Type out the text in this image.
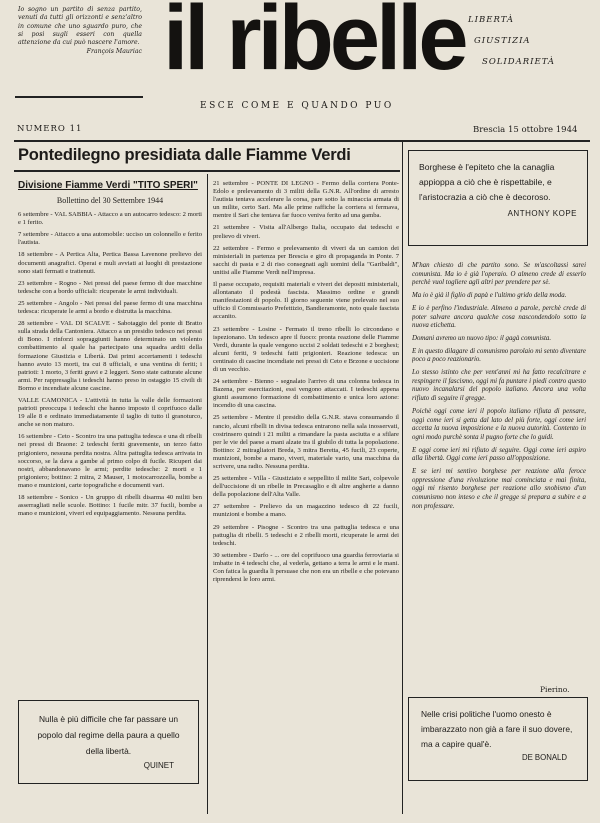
Io sogno un partito di senza partito, venuti da tutti gli orizzonti e senz'altro in comune che uno sguardo puro, che si posi sugli esseri con quella attenzione da cui può nascere l'amore.
François Mauriac il ribelle
ESCE COME E QUANDO PUO
LIBERTÀ
GIUSTIZIA
SOLIDARIETÀ
NUMERO 11	Brescia 15 ottobre 1944
Pontedilegno presidiata dalle Fiamme Verdi
Divisione Fiamme Verdi "TITO SPERI"
Bollettino del 30 Settembre 1944

6 settembre - VAL SABBIA - Attacco a un autocarro tedesco: 2 morti e 1 ferito.

7 settembre - Attacco a una automobile: ucciso un colonnello e ferito l'autista.

18 settembre - A Pertica Alta, Pertica Bassa Lavenone prelievo dei documenti anagrafici. Operai e muli avviati ai luoghi di prestazione sono stati fermati e trattenuti.

23 settembre - Rogno - Nei pressi del paese fermo di due macchine tedesche con a bordo ufficiali: ricuperate le armi individuali.

25 settembre - Angolo - Nei pressi del paese fermo di una macchina tedesca: ricuperate le armi a bordo e distrutta la macchina.

28 settembre - VAL DI SCALVE - Sabotaggio del ponte di Bratto sulla strada della Cantoniera. Attacco a un presidio tedesco nei pressi di Bono. I rinforzi sopraggiunti hanno determinato un violento combattimento al quale ha partecipato una squadra arditi della formazione Giustizia e Libertà. Dai primi accertamenti i tedeschi hanno avuto 13 morti, tra cui 8 ufficiali, e una ventina di feriti; i patrioti: 1 morto, 3 feriti gravi e 2 leggeri. Sono state catturate alcune armi. Per rappresaglia i tedeschi hanno preso in ostaggio 15 civili di Bormo e incendiate alcune cascine.

VALLE CAMONICA - L'attività in tutta la valle delle formazioni patrioti preoccupa i tedeschi che hanno imposto il coprifuoco dalle 19 alle 8 e ordinato immediatamente il taglio di tutto il granoturco, anche se non maturo.

16 settembre - Ceto - Scontro tra una pattuglia tedesca e una di ribelli nei pressi di Braone: 2 tedeschi feriti gravemente, un terzo fatto prigioniero, nessuna perdita nostra. Altra pattuglia tedesca arrivata in soccorso, se la dava a gambe al primo colpo di fucile. Ricuperi dai nostri, abbandonavano le armi; perdite tedesche: 2 morti e 1 prigioniero; bottino: 2 mitra, 2 Mauser, 1 motocarrozzella, bombe a mano e munizioni, carte topografiche e documenti vari.

18 settembre - Sonico - Un gruppo di ribelli disarma 40 militi ben asserragliati nelle scuole. Bottino: 1 fucile mitr. 37 fucili, bombe a mano e munizioni, viveri ed equipaggiamento. Nessuna perdita.

21 settembre - PONTE DI LEGNO - Fermo della corriera Ponte-Edolo e prelevamento di 3 militi della G.N.R. All'ordine di arresto l'autista tentava accelerare la corsa, pare sotto la minaccia armata di un milite, certo Sari. Ma alle prime raffiche la corriera si fermava, mentre il Sari che tentava far fuoco veniva ferito ad una gamba.

21 settembre - Visita all'Albergo Italia, occupato dai tedeschi e prelievo di viveri.

22 settembre - Fermo e prelevamento di viveri da un camion dei ministeriali in partenza per Brescia e giro di propaganda in Ponte. 7 sacchi di pasta e 2 di riso consegnati agli uomini della "Garibaldi", unitisi alle Fiamme Verdi nell'impresa.

Il paese occupato, requisiti materiali e viveri dei depositi ministeriali, allontanato il podestà fascista. Massimo ordine e grandi manifestazioni di popolo. Il giorno seguente viene prelevato nel suo ufficio il Commissario Prefettizio, Bandieramonte, noto quale fascista accanito.

23 settembre - Losine - Fermato il treno ribelli lo circondano e ispezionano. Un tedesco apre il fuoco: pronta reazione delle Fiamme Verdi, durante la quale vengono uccisi 2 soldati tedeschi e 2 borghesi; alcuni feriti, 9 tedeschi fatti prigionieri. Reazione tedesca: un centinaio di cascine incendiate nei pressi di Ceto e Brzone e uccisione di un vecchio.

24 settembre - Bienno - segnalato l'arrivo di una colonna tedesca in Bazena, per esercitazioni, essi vengono attaccati. I tedeschi appena giunti assumono formazione di combattimento e unica loro azione: incendio di una cascina.

25 settembre - Mentre il presidio della G.N.R. stava consumando il rancio, alcuni ribelli in divisa tedesca entrarono nella sala inosservati, costrinsero quindi i 21 militi a rimandare la pasta asciutta e a sfilare per le vie del paese a mani alzate tra il giubilo di tutta la popolazione. Bottino: 2 mitragliatori Breda, 3 mitra Beretta, 45 fucili, 23 coperte, munizioni, bombe a mano, viveri, materiale vario, una macchina da scrivere, una radio. Nessuna perdita.

25 settembre - Villa - Giustiziato e seppellito il milite Sari, colpevole dell'uccisione di un ribelle in Precasaglio e di altre angherie a danno della popolazione dell'Alta Valle.

27 settembre - Prelievo da un magazzino tedesco di 22 fucili, munizioni e bombe a mano.

29 settembre - Pisogne - Scontro tra una pattuglia tedesca e una pattuglia di ribelli. 5 tedeschi e 2 ribelli morti, ricuperate le armi dei tedeschi.

30 settembre - Darfo - ... ore del coprifuoco una guardia ferroviaria si imbatte in 4 tedeschi che, al vederla, gettano a terra le armi e le mani. Con fatica la guardia li persuase che non era un ribelle e che potevano riprendersi le loro armi.

Borghese è l'epiteto che la canaglia appioppa a ciò che è rispettabile, e l'aristocrazia a ciò che è decoroso.
ANTHONY KOPE

M'han chiesto di che partito sono. Se m'ascoltassi sarei comunista. Ma io è già l'operaio. O almeno crede di esserlo perchè vuol togliere agli altri per prendere per sè.

Ma io è già il figlio di papà e l'ultimo grido della moda.

E io è perfino l'industriale. Almeno a parole, perchè crede di poter salvare ancora qualche cosa nascondendolo sotto la nuova etichetta.

Domani avremo un nuovo tipo: il gagà comunista.

E in questo dilagare di comunismo parolaio mi sento diventare poco a poco reazionario.

Lo stesso istinto che per vent'anni mi ha fatto recalcitrare e respingere il fascismo, oggi mi fa puntare i piedi contro questo nuovo incanalarsi del popolo italiano. Ancora una volta rifiuto di seguire il gregge.

Poichè oggi come ieri il popolo italiano rifiuta di pensare, oggi come ieri si getta dal lato del più forte, oggi come ieri accetta la nuova imposizione e la nuova autorità. Contento in ogni modo purchè sonta il pugno forte che lo guidi.

E oggi come ieri mi rifiuto di seguire. Oggi come ieri aspiro alla libertà. Oggi come ieri passo all'opposizione.

E se ieri mi sentivo borghese per reazione alla feroce oppressione d'una rivoluzione mai cominciata e mai finita, oggi mi risento borghese per reazione allo snobismo d'un comunismo non inteso e che il gregge si prepara a subire e a non professare.

Pierino.
Nulla è più difficile che far passare un popolo dal regime della paura a quello della libertà.
QUINET
Nelle crisi politiche l'uomo onesto è imbarazzato non già a fare il suo dovere, ma a capire qual'è.
DE BONALD
